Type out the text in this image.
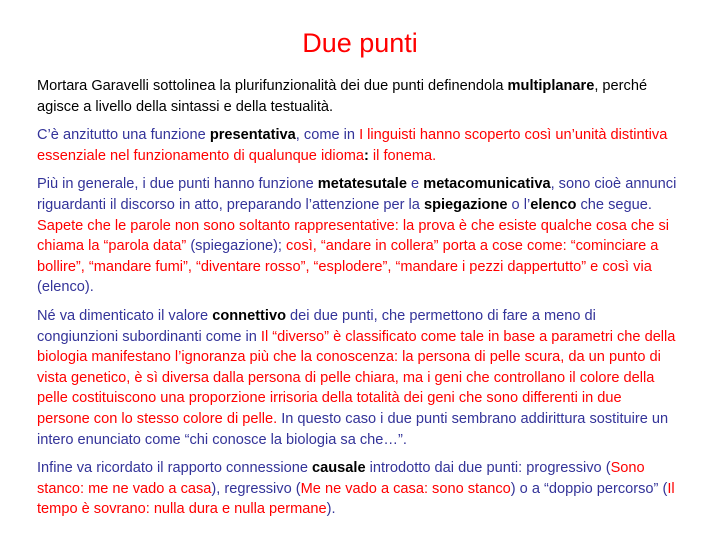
Due punti

Mortara Garavelli sottolinea la plurifunzionalità dei due punti definendola multiplanare, perché agisce a livello della sintassi e della testualità.

C’è anzitutto una funzione presentativa, come in I linguisti hanno scoperto così un’unità distintiva essenziale nel funzionamento di qualunque idioma: il fonema.

Più in generale, i due punti hanno funzione metatesutale e metacomunicativa, sono cioè annunci riguardanti il discorso in atto, preparando l’attenzione per la spiegazione o l’elenco che segue. Sapete che le parole non sono soltanto rappresentative: la prova è che esiste qualche cosa che si chiama la “parola data” (spiegazione); così, “andare in collera” porta a cose come: “cominciare a bollire”, “mandare fumi”, “diventare rosso”, “esplodere”, “mandare i pezzi dappertutto” e così via (elenco).

Né va dimenticato il valore connettivo dei due punti, che permettono di fare a meno di congiunzioni subordinanti come in Il “diverso” è classificato come tale in base a parametri che della biologia manifestano l’ignoranza più che la conoscenza: la persona di pelle scura, da un punto di vista genetico, è sì diversa dalla persona di pelle chiara, ma i geni che controllano il colore della pelle costituiscono una proporzione irrisoria della totalità dei geni che sono differenti in due persone con lo stesso colore di pelle. In questo caso i due punti sembrano addirittura sostituire un intero enunciato come “chi conosce la biologia sa che…”.

Infine va ricordato il rapporto connessione causale introdotto dai due punti: progressivo (Sono stanco: me ne vado a casa), regressivo (Me ne vado a casa: sono stanco) o a “doppio percorso” (Il tempo è sovrano: nulla dura e nulla permane).
